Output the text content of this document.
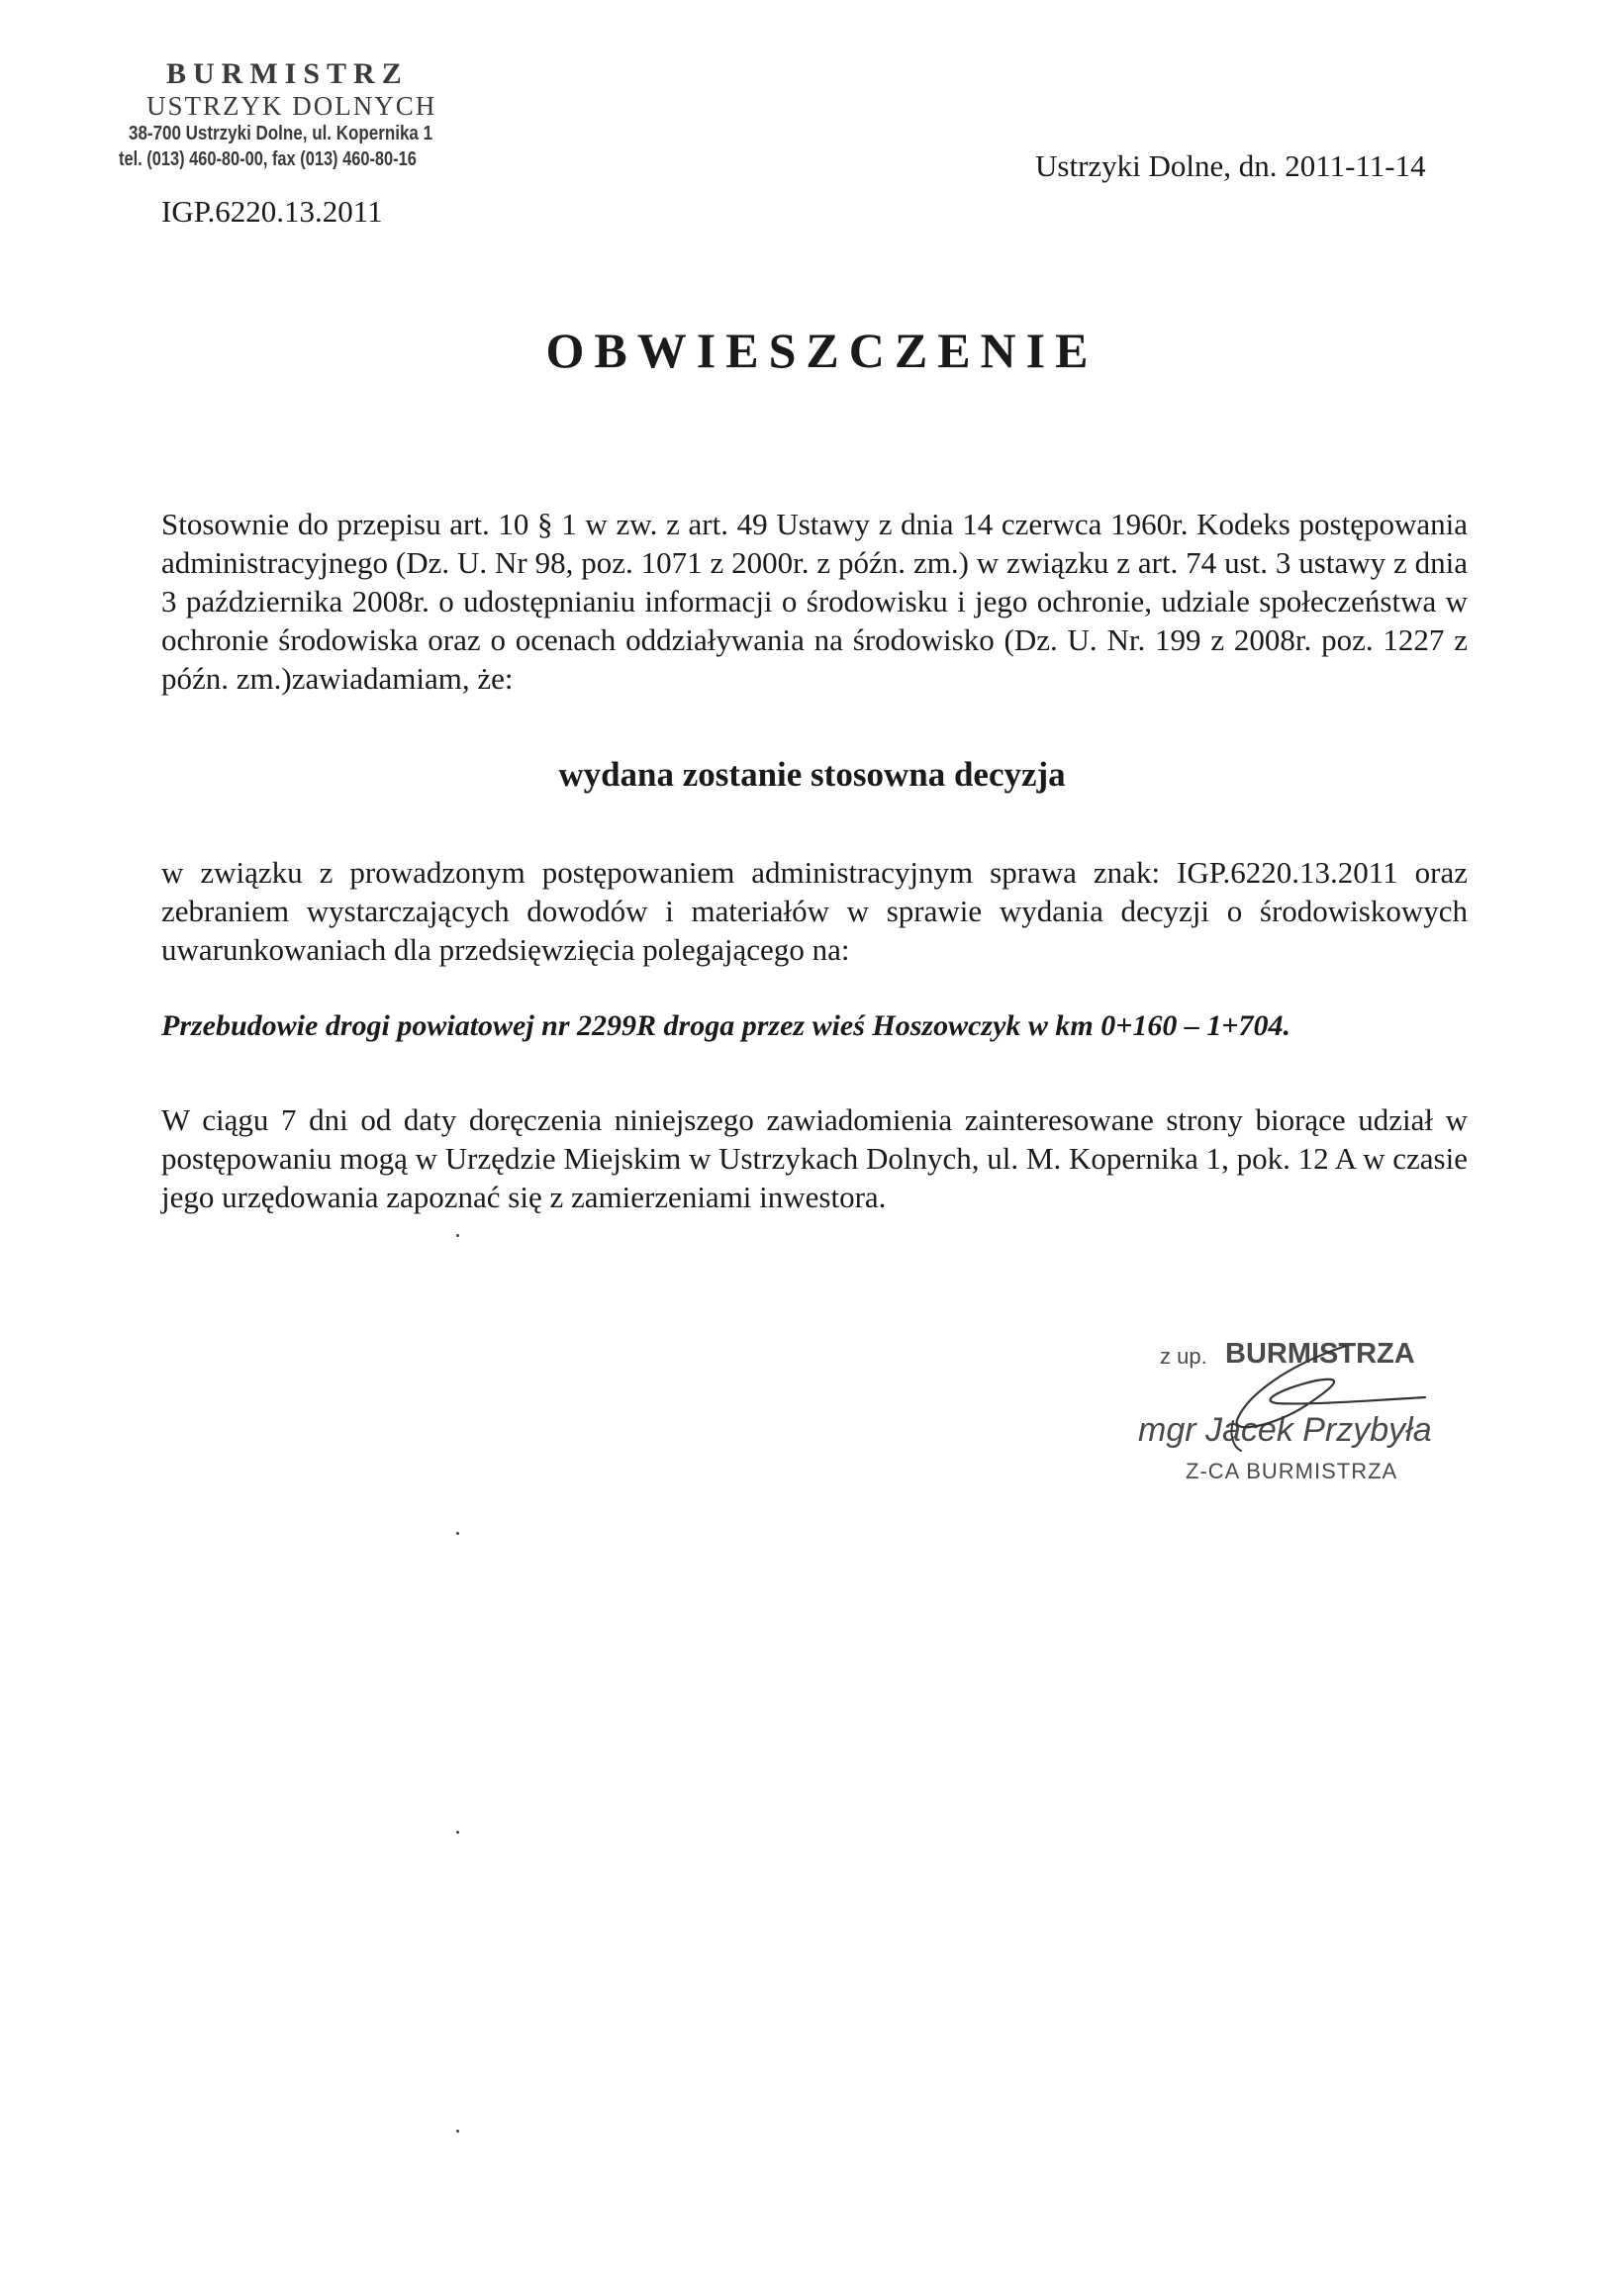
BURMISTRZ
USTRZYK DOLNYCH
38-700 Ustrzyki Dolne, ul. Kopernika 1
tel. (013) 460-80-00, fax (013) 460-80-16
IGP.6220.13.2011
Ustrzyki Dolne, dn. 2011-11-14
OBWIESZCZENIE
Stosownie do przepisu art. 10 § 1 w zw. z art. 49 Ustawy z dnia 14 czerwca 1960r. Kodeks postępowania administracyjnego (Dz. U. Nr 98, poz. 1071 z 2000r. z późn. zm.) w związku z art. 74 ust. 3 ustawy z dnia 3 października 2008r. o udostępnianiu informacji o środowisku i jego ochronie, udziale społeczeństwa w ochronie środowiska oraz o ocenach oddziaływania na środowisko (Dz. U. Nr. 199 z 2008r. poz. 1227 z późn. zm.)zawiadamiam, że:
wydana zostanie stosowna decyzja
w związku z prowadzonym postępowaniem administracyjnym sprawa znak: IGP.6220.13.2011 oraz zebraniem wystarczających dowodów i materiałów w sprawie wydania decyzji o środowiskowych uwarunkowaniach dla przedsięwzięcia polegającego na:
Przebudowie drogi powiatowej nr 2299R droga przez wieś Hoszowczyk w km 0+160 – 1+704.
W ciągu 7 dni od daty doręczenia niniejszego zawiadomienia zainteresowane strony biorące udział w postępowaniu mogą w Urzędzie Miejskim w Ustrzykach Dolnych, ul. M. Kopernika 1, pok. 12 A w czasie jego urzędowania zapoznać się z zamierzeniami inwestora.
z up. BURMISTRZA
mgr Jacek Przybyła
Z-CA BURMISTRZA
